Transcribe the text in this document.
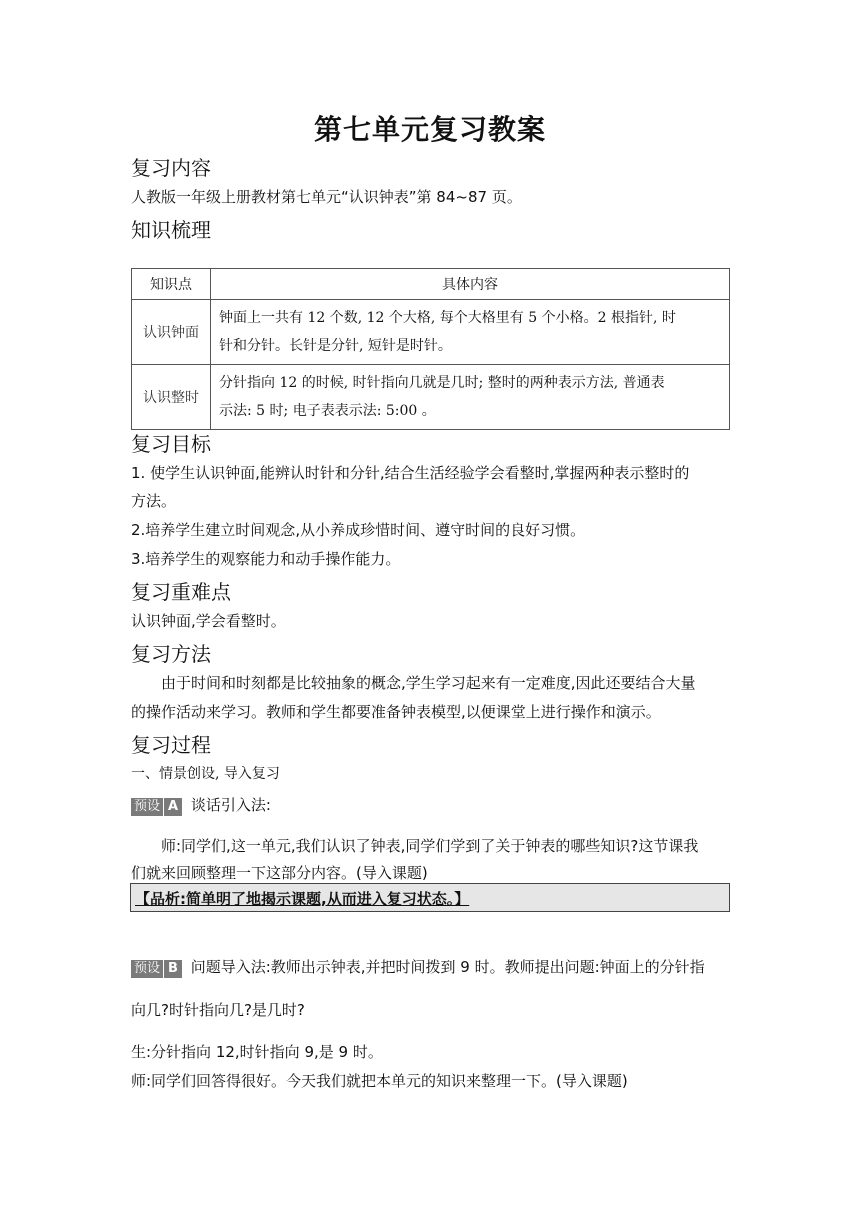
第七单元复习教案
复习内容
人教版一年级上册教材第七单元“认识钟表”第 84~87 页。
知识梳理
知识点	具体内容
认识钟面	钟面上一共有 12 个数, 12 个大格, 每个大格里有 5 个小格。2 根指针, 时
针和分针。长针是分针, 短针是时针。

认识整时	分针指向 12 的时候, 时针指向几就是几时; 整时的两种表示方法, 普通表
示法: 5 时; 电子表表示法: 5:00 。
复习目标
1. 使学生认识钟面,能辨认时针和分针,结合生活经验学会看整时,掌握两种表示整时的
方法。
2.培养学生建立时间观念,从小养成珍惜时间、遵守时间的良好习惯。
3.培养学生的观察能力和动手操作能力。
复习重难点
认识钟面,学会看整时。
复习方法
由于时间和时刻都是比较抽象的概念,学生学习起来有一定难度,因此还要结合大量
的操作活动来学习。教师和学生都要准备钟表模型,以便课堂上进行操作和演示。
复习过程
一、情景创设, 导入复习
预设 A 谈话引入法:
师:同学们,这一单元,我们认识了钟表,同学们学到了关于钟表的哪些知识?这节课我
们就来回顾整理一下这部分内容。(导入课题)
【品析:简单明了地揭示课题,从而进入复习状态。】
预设 B 问题导入法:教师出示钟表,并把时间拨到 9 时。教师提出问题:钟面上的分针指
向几?时针指向几?是几时?
生:分针指向 12,时针指向 9,是 9 时。
师:同学们回答得很好。今天我们就把本单元的知识来整理一下。(导入课题)
